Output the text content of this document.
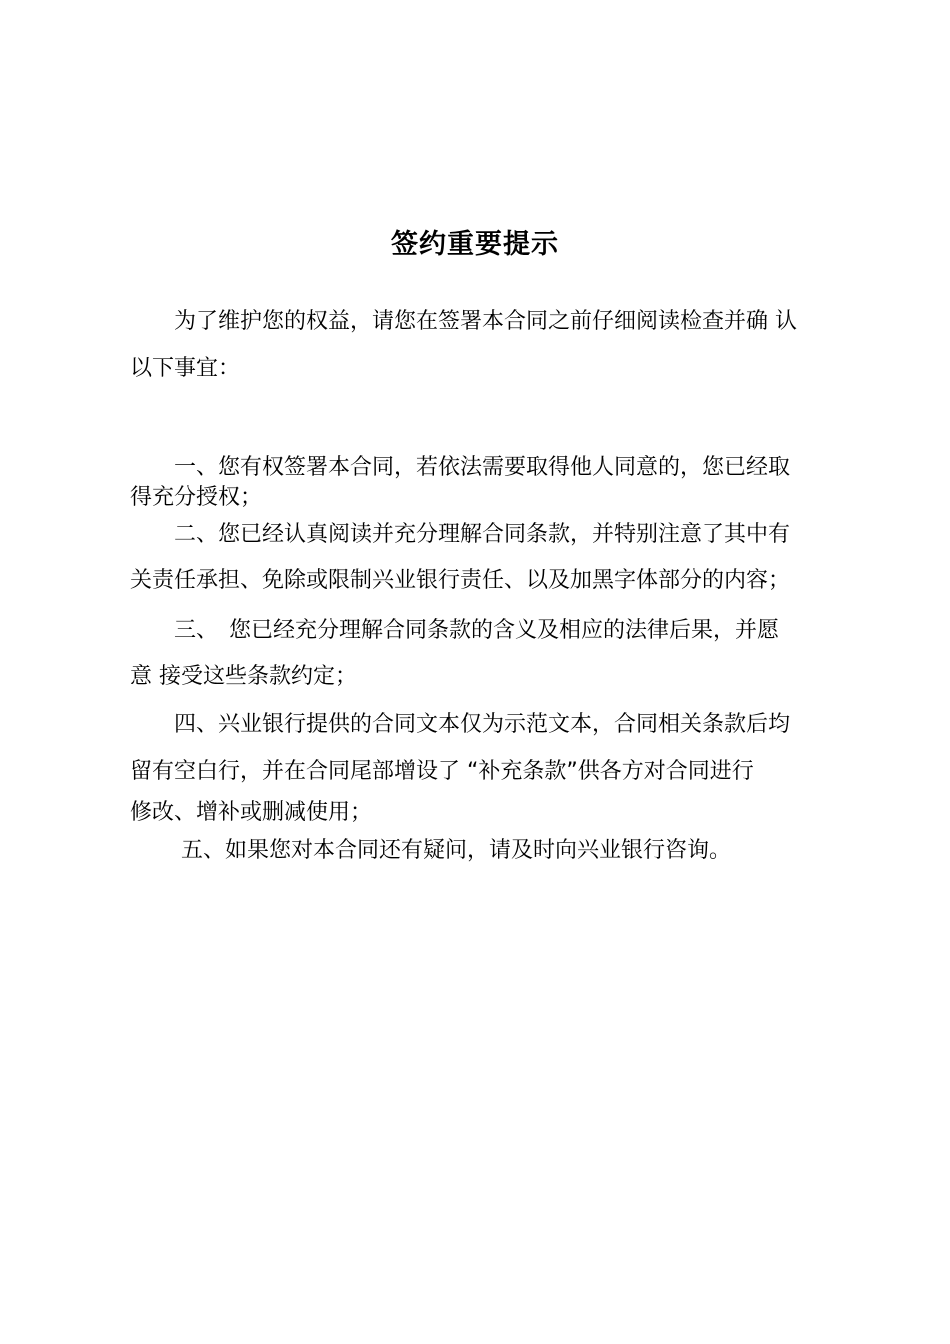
签约重要提示
　　为了维护您的权益，请您在签署本合同之前仔细阅读检查并确 认
以下事宜：
　　一、您有权签署本合同，若依法需要取得他人同意的，您已经取
得充分授权；
　　二、您已经认真阅读并充分理解合同条款，并特别注意了其中有
关责任承担、免除或限制兴业银行责任、以及加黑字体部分的内容；
　　三、　您已经充分理解合同条款的含义及相应的法律后果，并愿
意 接受这些条款约定；
　　四、兴业银行提供的合同文本仅为示范文本，合同相关条款后均
留有空白行，并在合同尾部增设了 “补充条款”供各方对合同进行
修改、增补或删减使用；
　　 五、如果您对本合同还有疑问，请及时向兴业银行咨询。
